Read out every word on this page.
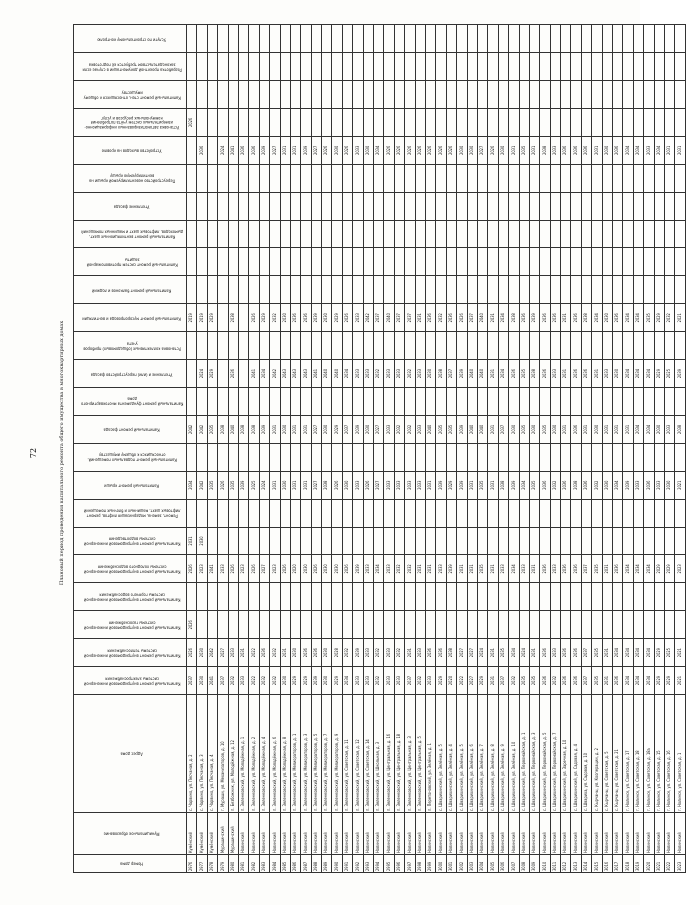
72	Плановый период проведения капитального ремонта общего имущества в многоквартирных домах
Номер дома	Муниципальное образование	Адрес дома	Капитальный ремонт внутридомовой инженерной системы электроснабжения	Капитальный ремонт внутридомовой инженерной системы теплоснабжения	Капитальный ремонт внутридомовой инженерной системы газоснабжения	Капитальный ремонт внутридомовой инженерной системы горячего водоснабжения	Капитальный ремонт внутридомовой инженерной системы холодного водоснабжения	Капитальный ремонт внутридомовой инженерной системы водоотведения	Ремонт, замена, модернизация лифтов, ремонт лифтовых шахт, машинных и блочных помещений	Капитальный ремонт крыши	Капитальный ремонт подвальных помещений, относящихся к общему имуществу	Капитальный ремонт фасада	Капитальный ремонт фундамента многоквартирного дома	Утепление и (или) переустройство фасада	Установка коллективных (общедомовых) приборов учета	Капитальный ремонт мусоропровода и вентиляции	Капитальный ремонт балконов и лоджий	Капитальный ремонт систем противопожарной защиты	Капитальный ремонт вентиляционных шахт, дымоходов, лифтовых шахт и машинных помещений	Утепление фасада	Переустройство невентилируемой крыши на вентилируемую крышу	Устройство выходов на кровлю	Установка автоматизированных информационно-измерительных систем учёта потребления коммунальных ресурсов и услуг	Капитальный ремонт стен, относящихся к общему имуществу	Разработка проектной документации в случае если законодательством требуется её подготовка	Услуги по строительному контролю

2976	Кумёнский	с. Чарвино, ул. Песчаная, д. 2	2037	2026	2026		2026	2031		2034		2042				2019							2026			
2977	Кумёнский	с. Чарвино, ул. Песчаная, д. 3	2030	2030			2023	2030		2042		2042		2024		2019						2036				
2978	Кумёнский	с. Чарвино, ул. Песчаная, д. 4	2041	2042			2041			2035		2035		2029		2029										
2979	Мурашинский	г. Мураши, ул. Механизаторов, д. 10	2037	2027			2033			2026		2038										2024				
2980	Мурашинский	п. Безбожник, ул. Молодёжная, д. 12	2032	2033			2026			2035		2040		2036		2038						2041				
2981	Нолинский	п. Зеленковский, ул. Молодёжная, д. 1	2033	2031			2023			2039		2038										2036				
2982	Нолинский	п. Зеленковский, ул. Молодёжная, д. 2	2022	2022			2026			2025		2038		2041		2026						2036				
2983	Нолинский	п. Зеленковский, ул. Молодёжная, д. 4	2032	2036			2027			2024		2039		2034		2029						2039				
2984	Нолинский	п. Зеленковский, ул. Молодёжная, д. 6	2032	2032			2023			2031		2031		2042		2032						2027				
2985	Нолинский	п. Зеленковский, ул. Молодёжная, д. 8	2030	2031			2026			2030		2030		2043		2030						2031				
2986	Нолинский	п. Зеленковский, ул. Мелиораторов, д. 1	2029	2030			2020			2031		2031		2043		2036						2031				
2987	Нолинский	п. Зеленковский, ул. Мелиораторов, д. 3	2029	2036			2030			2031		2031		2043		2036						2039				
2988	Нолинский	п. Зеленковский, ул. Мелиораторов, д. 5	2039	2036			2026			2027		2027		2041		2039						2027				
2989	Нолинский	п. Зеленковский, ул. Мелиораторов, д. 7	2030	2030			2030			2038		2030		2040		2030						2026				
2990	Нолинский	п. Зеленковский, ул. Мелиораторов, д. 9	2029	2028			2030			2026		2029		2040		2029						2030				
2991	Нолинский	п. Зеленковский, ул. Советская, д. 11	2034	2032			2026			2030		2037		2034		2026						2026				
2992	Нолинский	п. Зеленковский, ул. Советская, д. 12	2033	2039			2039			2033		2039		2033		2033						2033				
2993	Нолинский	п. Зеленковский, ул. Советская, д. 14	2033	2033			2033			2026		2030		2033		2042						2030				
2994	Нолинский	п. Зеленковский, ул. Школьная, д. 3	2032	2032			2034			2027		2027		2032		2037						2034				
2995	Нолинский	п. Зеленковский, ул. Центральная, д. 16	2033	2033			2033			2033		2033		2033		2040						2026				
2996	Нолинский	п. Зеленковский, ул. Центральная, д. 18	2033	2032			2032			2033		2032		2033		2037						2026				
2997	Нолинский	п. Зеленковский, ул. Центральная, д. 3	2037	2031			2032			2033		2032		2032		2037						2026				
2998	Нолинский	п. Зеленковский, ул. Центральная, д. 5	2032	2033			2031			2033		2033		2033		2031						2026				
2999	Нолинский	п. Перетоновский, ул. Зелёная, д. 1	2033	2036			2031			2031		2040		2030		2036						2026				
3000	Нолинский	с. Шварихинский, ул. Зелёная, д. 5	2029	2036			2033			2039		2035		2038		2032						2026				
3001	Нолинский	с. Шварихинский, ул. Зелёная, д. 4	2020	2038			2039			2029		2035		2037		2036						2026				
3002	Нолинский	с. Шварихинский, ул. Зелёная, д. 5	2022	2027			2031			2039		2039		2039		2026						2030				
3003	Нолинский	с. Шварихинский, ул. Зелёная, д. 6	2027	2027			2031			2031		2040		2040		2037						2030				
3004	Нолинский	с. Шварихинский, ул. Зелёная, д. 7	2029	2024			2035			2035		2040		2040		2040						2027				
3005	Нолинский	с. Шварихинский, ул. Зелёная, д. 8	2031	2031			2031			2031		2031		2031		2031						2026				
3006	Нолинский	с. Шварихинский, ул. Зелёная, д. 9	2037	2035			2033			2038		2037		2034		2034						2030				
3007	Нолинский	с. Шварихинский, ул. Зелёная, д. 10	2032	2034			2034			2039		2030		2036		2038						2031				
3008	Нолинский	с. Шварихинский, ул. Первомайская, д. 1	2035	2024			2033			2034		2035		2035		2036						2035				
3009	Нолинский	с. Шварихинский, ул. Первомайская, д. 3	2035	2031			2031			2035		2030		2038		2039						2031				
3010	Нолинский	с. Шварихинский, ул. Первомайская, д. 5	2036	2036			2036			2036		2035		2036		2036						2038				
3011	Нолинский	с. Шварихинский, ул. Первомайская, д. 7	2032	2033			2033			2032		2030		2033		2036						2033				
3012	Нолинский	с. Шварихинский, ул. Заречная, д. 10	2036	2036			2036			2036		2031		2031		2031						2036				
3013	Нолинский	с. Шварихинский, ул. Садовая, д. 4	2036	2036			2036			2038		2036		2036		2036						2036				
3014	Нолинский	с. Швариха, ул. Садовая, д. 10	2037	2037			2037			2036		2031		2036		2038						2036				
3015	Нолинский	с. Кырчаны, ул. Кооперации, д. 2	2035	2035			2035			2032		2030		2031		2034						2031				
3016	Нолинский	с. Кырчаны, ул. Советская, д. 5	2031	2031			2031			2030		2031		2033		2030						2030				
3017	Нолинский	с. Кырчаны, ул. Советская, д. 21	2036	2034			2036			2034		2031		2030		2036						2036				
3018	Нолинский	г. Нолинск, ул. Советская, д. 17	2034	2034			2034			2039		2031		2034		2034						2034				
3019	Нолинский	г. Нолинск, ул. Советская, д. 18	2034	2034			2034			2033		2034		2034		2034						2034				
3020	Нолинский	г. Нолинск, ул. Советская, д. 18а	2034	2034			2034			2036		2034		2034		2035						2033				
3021	Нолинский	г. Нолинск, ул. Советская, д. 15	2029	2029			2029			2033		2030		2029		2029						2034				
3022	Нолинский	г. Нолинск, ул. Советская, д. 16	2029	2025			2029			2030		2033		2025		2032						2031				
3023	Нолинский	г. Нолинск, ул. Советская, д. 1	2021	2021			2023			2021		2038		2039		2021						2031				
